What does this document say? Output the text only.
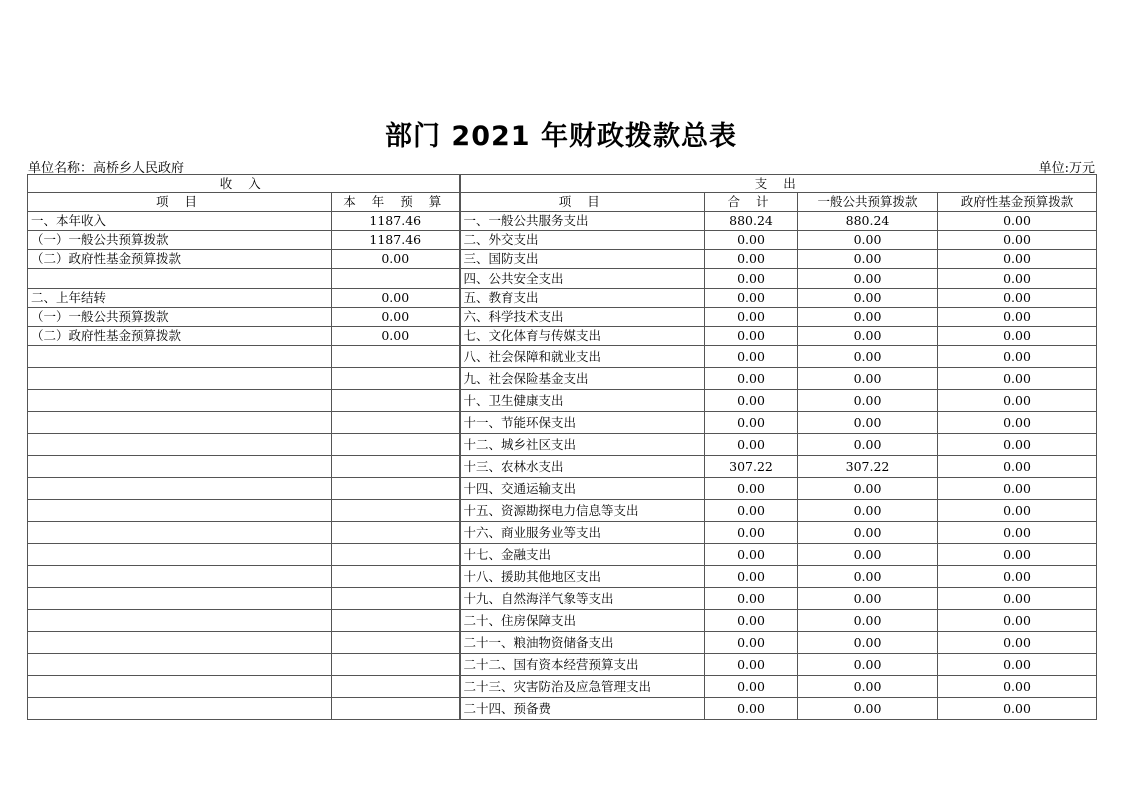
部门 2021 年财政拨款总表
单位名称：高桥乡人民政府	单位:万元
收 入		支 出			
项 目	本 年 预 算	项 目	合 计	一般公共预算拨款	政府性基金预算拨款
一、本年收入	1187.46	一、一般公共服务支出	880.24	880.24	0.00
（一）一般公共预算拨款	1187.46	二、外交支出	0.00	0.00	0.00
（二）政府性基金预算拨款	0.00	三、国防支出	0.00	0.00	0.00
		四、公共安全支出	0.00	0.00	0.00
二、上年结转	0.00	五、教育支出	0.00	0.00	0.00
（一）一般公共预算拨款	0.00	六、科学技术支出	0.00	0.00	0.00
（二）政府性基金预算拨款	0.00	七、文化体育与传媒支出	0.00	0.00	0.00
		八、社会保障和就业支出	0.00	0.00	0.00
		九、社会保险基金支出	0.00	0.00	0.00
		十、卫生健康支出	0.00	0.00	0.00
		十一、节能环保支出	0.00	0.00	0.00
		十二、城乡社区支出	0.00	0.00	0.00
		十三、农林水支出	307.22	307.22	0.00
		十四、交通运输支出	0.00	0.00	0.00
		十五、资源勘探电力信息等支出	0.00	0.00	0.00
		十六、商业服务业等支出	0.00	0.00	0.00
		十七、金融支出	0.00	0.00	0.00
		十八、援助其他地区支出	0.00	0.00	0.00
		十九、自然海洋气象等支出	0.00	0.00	0.00
		二十、住房保障支出	0.00	0.00	0.00
		二十一、粮油物资储备支出	0.00	0.00	0.00
		二十二、国有资本经营预算支出	0.00	0.00	0.00
		二十三、灾害防治及应急管理支出	0.00	0.00	0.00
		二十四、预备费	0.00	0.00	0.00
